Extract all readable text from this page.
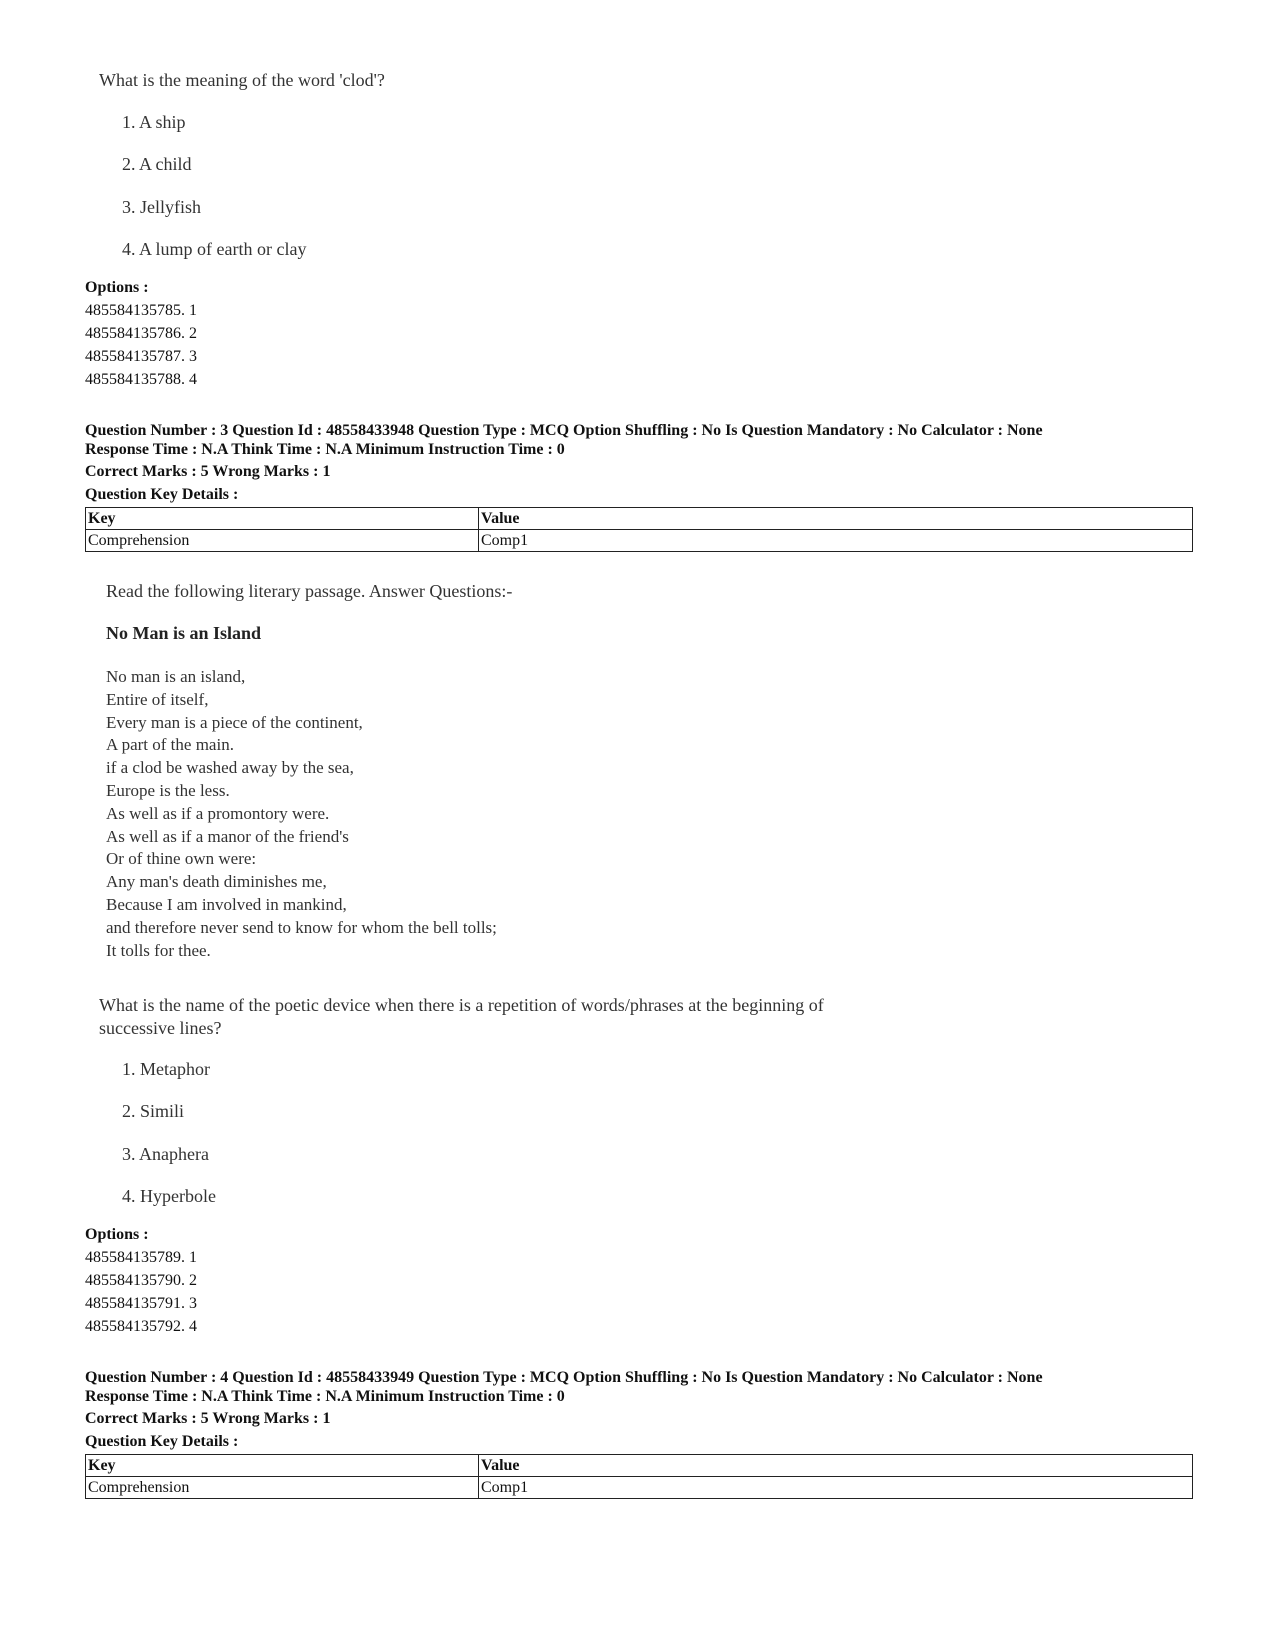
What is the meaning of the word 'clod'?
1. A ship
2. A child
3. Jellyfish
4. A lump of earth or clay
Options :
485584135785. 1
485584135786. 2
485584135787. 3
485584135788. 4
Question Number : 3 Question Id : 48558433948 Question Type : MCQ Option Shuffling : No Is Question Mandatory : No Calculator : None
Response Time : N.A Think Time : N.A Minimum Instruction Time : 0
Correct Marks : 5 Wrong Marks : 1
Question Key Details :
Key	Value
Comprehension	Comp1
Read the following literary passage. Answer Questions:-
No Man is an Island
No man is an island,
Entire of itself,
Every man is a piece of the continent,
A part of the main.
if a clod be washed away by the sea,
Europe is the less.
As well as if a promontory were.
As well as if a manor of the friend's
Or of thine own were:
Any man's death diminishes me,
Because I am involved in mankind,
and therefore never send to know for whom the bell tolls;
It tolls for thee.
What is the name of the poetic device when there is a repetition of words/phrases at the beginning of
successive lines?
1. Metaphor
2. Simili
3. Anaphera
4. Hyperbole
Options :
485584135789. 1
485584135790. 2
485584135791. 3
485584135792. 4
Question Number : 4 Question Id : 48558433949 Question Type : MCQ Option Shuffling : No Is Question Mandatory : No Calculator : None
Response Time : N.A Think Time : N.A Minimum Instruction Time : 0
Correct Marks : 5 Wrong Marks : 1
Question Key Details :
Key	Value
Comprehension	Comp1
